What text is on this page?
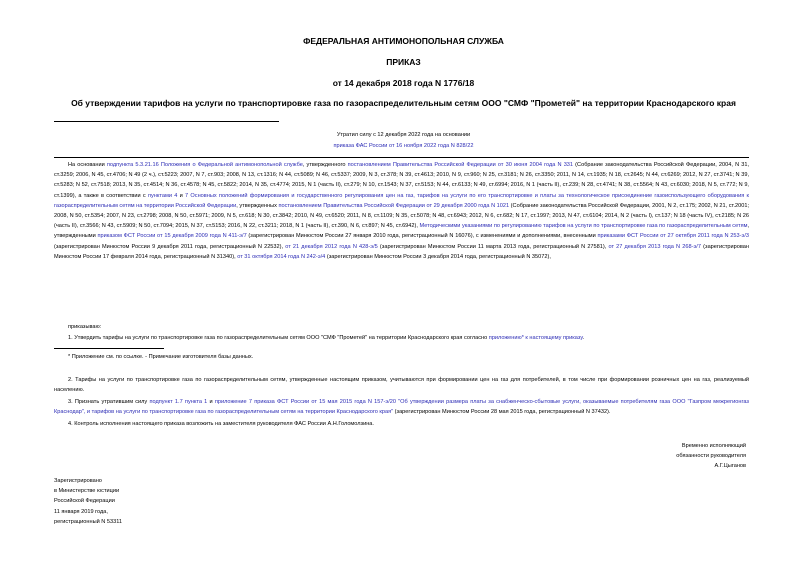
ФЕДЕРАЛЬНАЯ АНТИМОНОПОЛЬНАЯ СЛУЖБА
ПРИКАЗ
от 14 декабря 2018 года N 1776/18
Об утверждении тарифов на услуги по транспортировке газа по газораспределительным сетям ООО "СМФ "Прометей" на территории Краснодарского края
Утратил силу с 12 декабря 2022 года на основании
приказа ФАС России от 16 ноября 2022 года N 828/22
На основании подпункта 5.3.21.16 Положения о Федеральной антимонопольной службе, утвержденного постановлением Правительства Российской Федерации от 30 июня 2004 года N 331 (Собрание законодательства Российской Федерации, 2004, N 31, ст.3259; 2006, N 45, ст.4706; N 49 (2 ч.), ст.5223; 2007, N 7, ст.903; 2008, N 13, ст.1316; N 44, ст.5089; N 46, ст.5337; 2009, N 3, ст.378; N 39, ст.4613; 2010, N 9, ст.960; N 25, ст.3181; N 26, ст.3350; 2011, N 14, ст.1935; N 18, ст.2645; N 44, ст.6269; 2012, N 27, ст.3741; N 39, ст.5283; N 52, ст.7518; 2013, N 35, ст.4514; N 36, ст.4578; N 45, ст.5822; 2014, N 35, ст.4774; 2015, N 1 (часть II), ст.279; N 10, ст.1543; N 37, ст.5153; N 44, ст.6133; N 49, ст.6994; 2016, N 1 (часть II), ст.239; N 28, ст.4741; N 38, ст.5564; N 43, ст.6030; 2018, N 5, ст.772; N 9, ст.1399), а также в соответствии с пунктами 4 и 7 Основных положений формирования и государственного регулирования цен на газ, тарифов на услуги по его транспортировке и платы за технологическое присоединение газоиспользующего оборудования к газораспределительным сетям на территории Российской Федерации, утвержденных постановлением Правительства Российской Федерации от 29 декабря 2000 года N 1021 (Собрание законодательства Российской Федерации, 2001, N 2, ст.175; 2002, N 21, ст.2001; 2008, N 50, ст.5354; 2007, N 23, ст.2798; 2008, N 50, ст.5971; 2009, N 5, ст.618; N 30, ст.3842; 2010, N 49, ст.6520; 2011, N 8, ст.1109; N 35, ст.5078; N 48, ст.6943; 2012, N 6, ст.682; N 17, ст.1997; 2013, N 47, ст.6104; 2014, N 2 (часть I), ст.137; N 18 (часть IV), ст.2185; N 26 (часть II), ст.3566; N 43, ст.5909; N 50, ст.7094; 2015, N 37, ст.5153; 2016, N 22, ст.3211; 2018, N 1 (часть II), ст.390, N 6, ст.897; N 45, ст.6942), Методическими указаниями по регулированию тарифов на услуги по транспортировке газа по газораспределительным сетям, утвержденными приказом ФСТ России от 15 декабря 2009 года N 411-э/7 (зарегистрирован Минюстом России 27 января 2010 года, регистрационный N 16076), с изменениями и дополнениями, внесенными приказами ФСТ России от 27 октября 2011 года N 253-э/3 (зарегистрирован Минюстом России 9 декабря 2011 года, регистрационный N 22532), от 21 декабря 2012 года N 428-э/5 (зарегистрирован Минюстом России 11 марта 2013 года, регистрационный N 27581), от 27 декабря 2013 года N 268-э/7 (зарегистрирован Минюстом России 17 февраля 2014 года, регистрационный N 31340), от 31 октября 2014 года N 242-э/4 (зарегистрирован Минюстом России 3 декабря 2014 года, регистрационный N 35072),
приказываю:
1. Утвердить тарифы на услуги по транспортировке газа по газораспределительным сетям ООО "СМФ "Прометей" на территории Краснодарского края согласно приложению* к настоящему приказу.
* Приложение см. по ссылке. - Примечание изготовителя базы данных.
2. Тарифы на услуги по транспортировке газа по газораспределительным сетям, утвержденные настоящим приказом, учитываются при формировании цен на газ для потребителей, в том числе при формировании розничных цен на газ, реализуемый населению.
3. Признать утратившим силу подпункт 1.7 пункта 1 и приложение 7 приказа ФСТ России от 15 мая 2015 года N 157-э/20 "Об утверждении размера платы за снабженческо-сбытовые услуги, оказываемые потребителям газа ООО "Газпром межрегионгаз Краснодар", и тарифов на услуги по транспортировке газа по газораспределительным сетям на территории Краснодарского края" (зарегистрирован Минюстом России 28 мая 2015 года, регистрационный N 37432).
4. Контроль исполнения настоящего приказа возложить на заместителя руководителя ФАС России А.Н.Голомолзина.
Временно исполняющий
обязанности руководителя
А.Г.Цыганов
Зарегистрировано
в Министерстве юстиции
Российской Федерации
11 января 2019 года,
регистрационный N 53311
